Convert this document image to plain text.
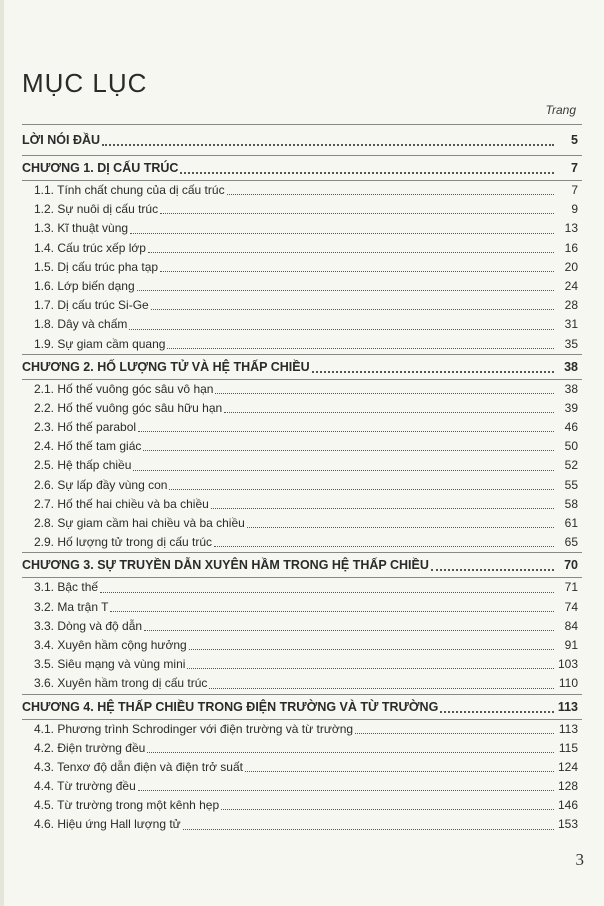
MỤC LỤC
Trang
LỜI NÓI ĐẦU	5
CHƯƠNG 1. DỊ CẤU TRÚC	7
1.1. Tính chất chung của dị cấu trúc	7
1.2. Sự nuôi dị cấu trúc	9
1.3. Kĩ thuật vùng	13
1.4. Cấu trúc xếp lớp	16
1.5. Dị cấu trúc pha tạp	20
1.6. Lớp biến dạng	24
1.7. Dị cấu trúc Si-Ge	28
1.8. Dây và chấm	31
1.9. Sự giam cầm quang	35
CHƯƠNG 2. HỐ LƯỢNG TỬ VÀ HỆ THẤP CHIỀU	38
2.1. Hố thế vuông góc sâu vô hạn	38
2.2. Hố thế vuông góc sâu hữu hạn	39
2.3. Hố thế parabol	46
2.4. Hố thế tam giác	50
2.5. Hệ thấp chiều	52
2.6. Sự lấp đầy vùng con	55
2.7. Hố thế hai chiều và ba chiều	58
2.8. Sự giam cầm hai chiều và ba chiều	61
2.9. Hố lượng tử trong dị cấu trúc	65
CHƯƠNG 3. SỰ TRUYỀN DẪN XUYÊN HẦM TRONG HỆ THẤP CHIỀU	70
3.1. Bậc thế	71
3.2. Ma trận T	74
3.3. Dòng và độ dẫn	84
3.4. Xuyên hầm cộng hưởng	91
3.5. Siêu mạng và vùng mini	103
3.6. Xuyên hầm trong dị cấu trúc	110
CHƯƠNG 4. HỆ THẤP CHIỀU TRONG ĐIỆN TRƯỜNG VÀ TỪ TRƯỜNG	113
4.1. Phương trình Schrodinger với điện trường và từ trường	113
4.2. Điện trường đều	115
4.3. Tenxơ độ dẫn điện và điện trở suất	124
4.4. Từ trường đều	128
4.5. Từ trường trong một kênh hẹp	146
4.6. Hiệu ứng Hall lượng tử	153
3
